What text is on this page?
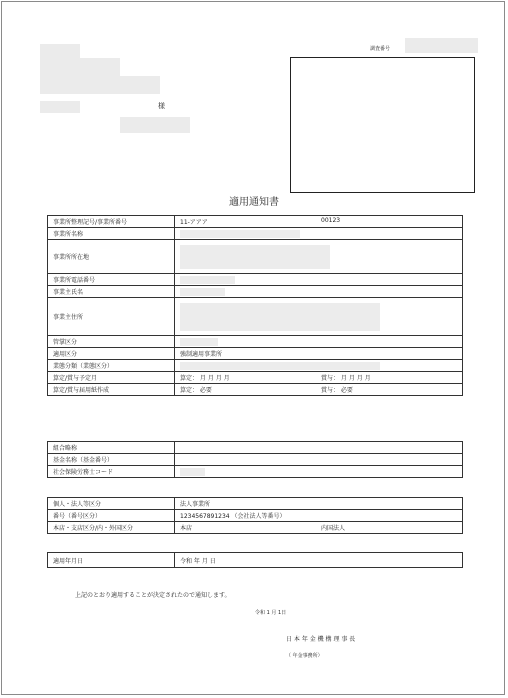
様
調査番号
適用通知書
事業所整理記号/事業所番号	11-アアア 00123

事業所名称	
事業所所在地	
事業所電話番号	
事業主氏名	
事業主住所	
管掌区分	
適用区分	強制適用事業所
業態分類（業態区分）	
算定/賞与予定月	算定： 月 月 月 月 賞与： 月 月 月 月

算定/賞与届用紙作成	算定： 必要 賞与： 必要
組合略称	
基金名称（基金番号）	
社会保険労務士コード	
個人・法人等区分	法人事業所
番号（番号区分）	1234567891234 （会社法人等番号）
本店・支店区分/内・外国区分	本店 内国法人
適用年月日	令和 年 月 日
上記のとおり適用することが決定されたので通知します。
令和 1 月 1日
日 本 年 金 機 構 理 事 長
（ 年金事務所）
